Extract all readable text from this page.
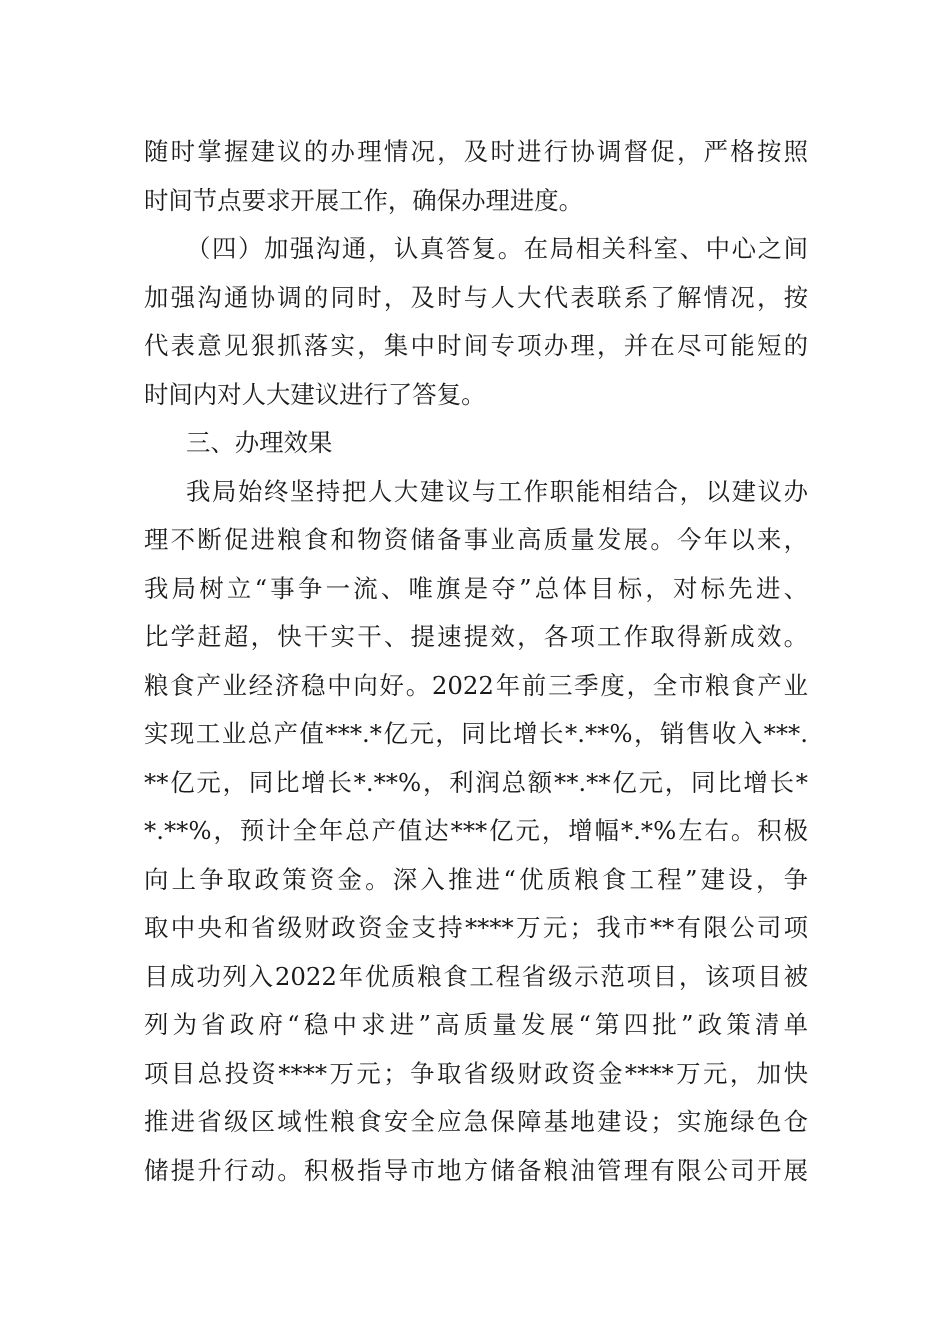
随时掌握建议的办理情况，及时进行协调督促，严格按照
时间节点要求开展工作，确保办理进度。
（四）加强沟通，认真答复。在局相关科室、中心之间
加强沟通协调的同时，及时与人大代表联系了解情况，按
代表意见狠抓落实，集中时间专项办理，并在尽可能短的
时间内对人大建议进行了答复。
三、办理效果
我局始终坚持把人大建议与工作职能相结合，以建议办
理不断促进粮食和物资储备事业高质量发展。今年以来，
我局树立“事争一流、唯旗是夺”总体目标，对标先进、
比学赶超，快干实干、提速提效，各项工作取得新成效。
粮食产业经济稳中向好。2022年前三季度，全市粮食产业
实现工业总产值***.*亿元，同比增长*.**%，销售收入***.
**亿元，同比增长*.**%，利润总额**.**亿元，同比增长*
*.**%，预计全年总产值达***亿元，增幅*.*%左右。积极
向上争取政策资金。深入推进“优质粮食工程”建设，争
取中央和省级财政资金支持****万元；我市**有限公司项
目成功列入2022年优质粮食工程省级示范项目，该项目被
列为省政府“稳中求进”高质量发展“第四批”政策清单
项目总投资****万元；争取省级财政资金****万元，加快
推进省级区域性粮食安全应急保障基地建设；实施绿色仓
储提升行动。积极指导市地方储备粮油管理有限公司开展
